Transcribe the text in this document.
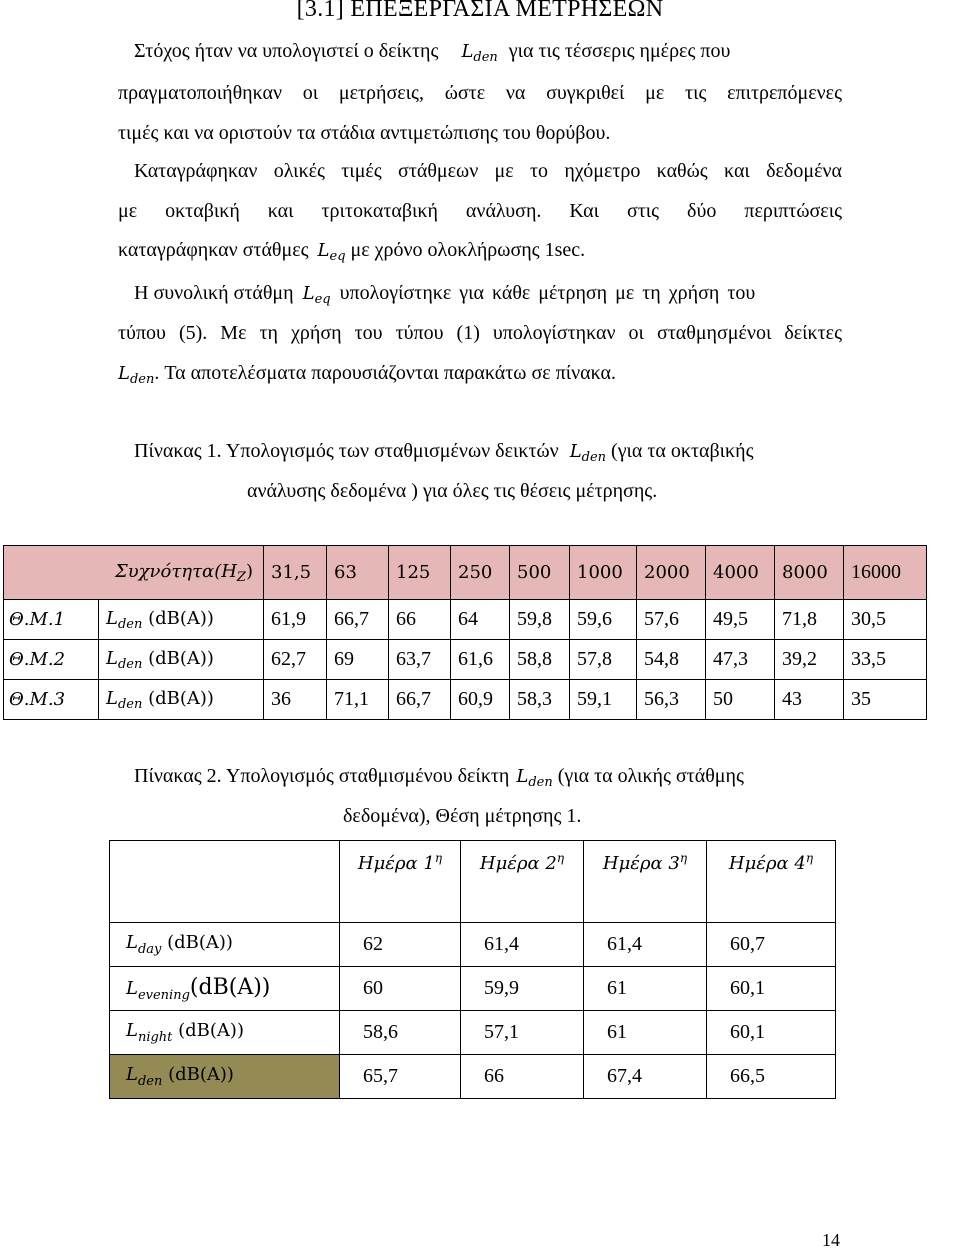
[3.1] ΕΠΕΞΕΡΓΑΣΙΑ ΜΕΤΡΗΣΕΩΝ
Στόχος ήταν να υπολογιστεί ο δείκτης $L_{den}$ για τις τέσσερις ημέρες που
πραγματοποιήθηκαν οι μετρήσεις, ώστε να συγκριθεί με τις επιτρεπόμενες
τιμές και να οριστούν τα στάδια αντιμετώπισης του θορύβου.
Καταγράφηκαν ολικές τιμές στάθμεων με το ηχόμετρο καθώς και δεδομένα
με οκταβική και τριτοκαταβική ανάλυση. Και στις δύο περιπτώσεις
καταγράφηκαν στάθμες $L_{eq}$ με χρόνο ολοκλήρωσης 1sec.
Η συνολική στάθμη $L_{eq}$ υπολογίστηκε για κάθε μέτρηση με τη χρήση του
τύπου (5). Με τη χρήση του τύπου (1) υπολογίστηκαν οι σταθμησμένοι δείκτες
$L_{den}$. Τα αποτελέσματα παρουσιάζονται παρακάτω σε πίνακα.
Πίνακας 1. Υπολογισμός των σταθμισμένων δεικτών $L_{den}$ (για τα οκταβικής
ανάλυσης δεδομένα ) για όλες τις θέσεις μέτρησης.
$\Sigma\upsilon\chi\nu ό\tau\eta\tau\alpha(H_Z)$		31,5	63	125	250	500	1000	2000	4000	8000	16000
Θ.Μ.1	$L_{den}$ (dB(A))	61,9	66,7	66	64	59,8	59,6	57,6	49,5	71,8	30,5
Θ.Μ.2	$L_{den}$ (dB(A))	62,7	69	63,7	61,6	58,8	57,8	54,8	47,3	39,2	33,5
Θ.Μ.3	$L_{den}$ (dB(A))	36	71,1	66,7	60,9	58,3	59,1	56,3	50	43	35
Πίνακας 2. Υπολογισμός σταθμισμένου δείκτη $L_{den}$ (για τα ολικής στάθμης
δεδομένα), Θέση μέτρησης 1.
	Ημέρα $1^\eta$	Ημέρα $2^\eta$	Ημέρα $3^\eta$	Ημέρα $4^\eta$
$L_{day}$ (dB(A))	62	61,4	61,4	60,7
$L_{evening}(dB(A))$	60	59,9	61	60,1
$L_{night}$ (dB(A))	58,6	57,1	61	60,1
$L_{den}$ (dB(A))	65,7	66	67,4	66,5
14
